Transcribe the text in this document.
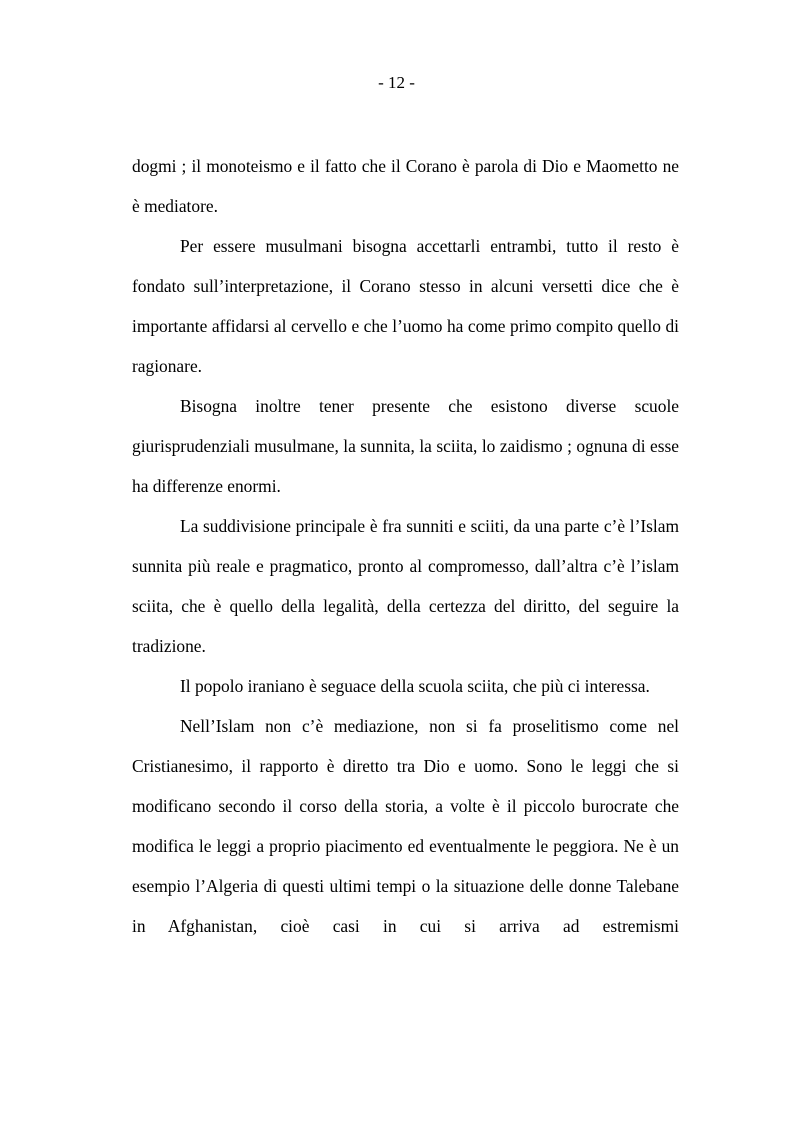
- 12 -

dogmi ; il monoteismo e il fatto che il Corano è parola di Dio e Maometto ne è mediatore.

Per essere musulmani bisogna accettarli entrambi, tutto il resto è fondato sull’interpretazione, il Corano stesso in alcuni versetti dice che è importante affidarsi al cervello e che l’uomo ha come primo compito quello di ragionare.

Bisogna inoltre tener presente che esistono diverse scuole giurisprudenziali musulmane, la sunnita, la sciita, lo zaidismo ; ognuna di esse ha differenze enormi.

La suddivisione principale è fra sunniti e sciiti, da una parte c’è l’Islam sunnita più reale e pragmatico, pronto al compromesso, dall’altra c’è l’islam sciita, che è quello della legalità, della certezza del diritto, del seguire la tradizione.

Il popolo iraniano è seguace della scuola sciita, che più ci interessa.

Nell’Islam non c’è mediazione, non si fa proselitismo come nel Cristianesimo, il rapporto è diretto tra Dio e uomo. Sono le leggi che si modificano secondo il corso della storia, a volte è il piccolo burocrate che modifica le leggi a proprio piacimento ed eventualmente le peggiora. Ne è un esempio l’Algeria di questi ultimi tempi o la situazione delle donne Talebane in Afghanistan, cioè casi in cui si arriva ad estremismi
